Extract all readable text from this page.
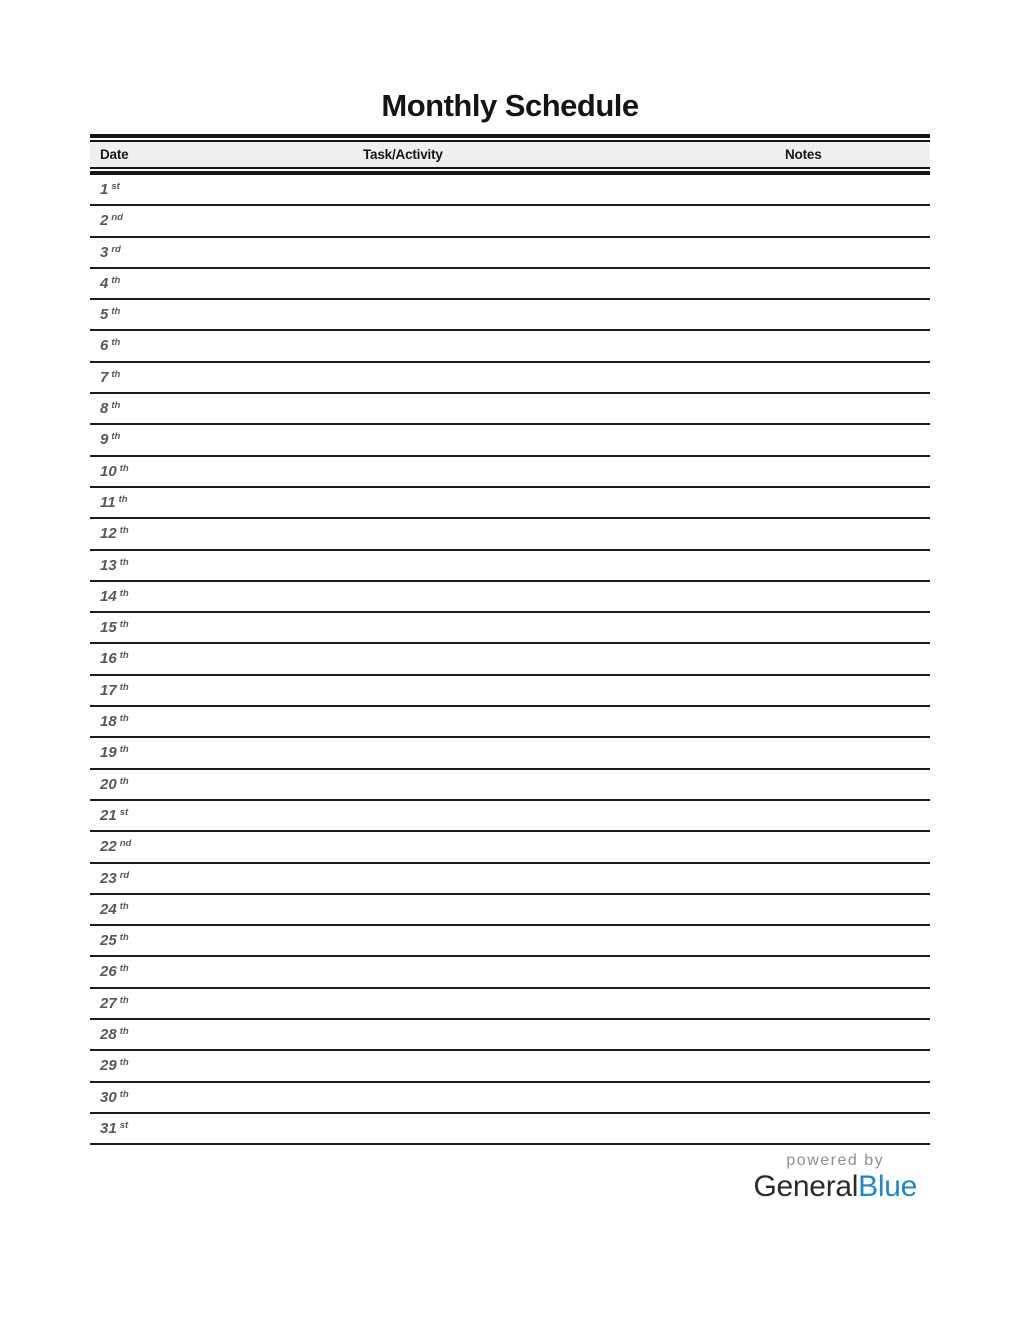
Monthly Schedule
Date	Task/Activity	Notes
1 $^{st}$
2 $^{nd}$
3 $^{rd}$
4 $^{th}$
5 $^{th}$
6 $^{th}$
7 $^{th}$
8 $^{th}$
9 $^{th}$
10 $^{th}$
11 $^{th}$
12 $^{th}$
13 $^{th}$
14 $^{th}$
15 $^{th}$
16 $^{th}$
17 $^{th}$
18 $^{th}$
19 $^{th}$
20 $^{th}$
21 $^{st}$
22 $^{nd}$
23 $^{rd}$
24 $^{th}$
25 $^{th}$
26 $^{th}$
27 $^{th}$
28 $^{th}$
29 $^{th}$
30 $^{th}$
31 $^{st}$
powered by
GeneralBlue
